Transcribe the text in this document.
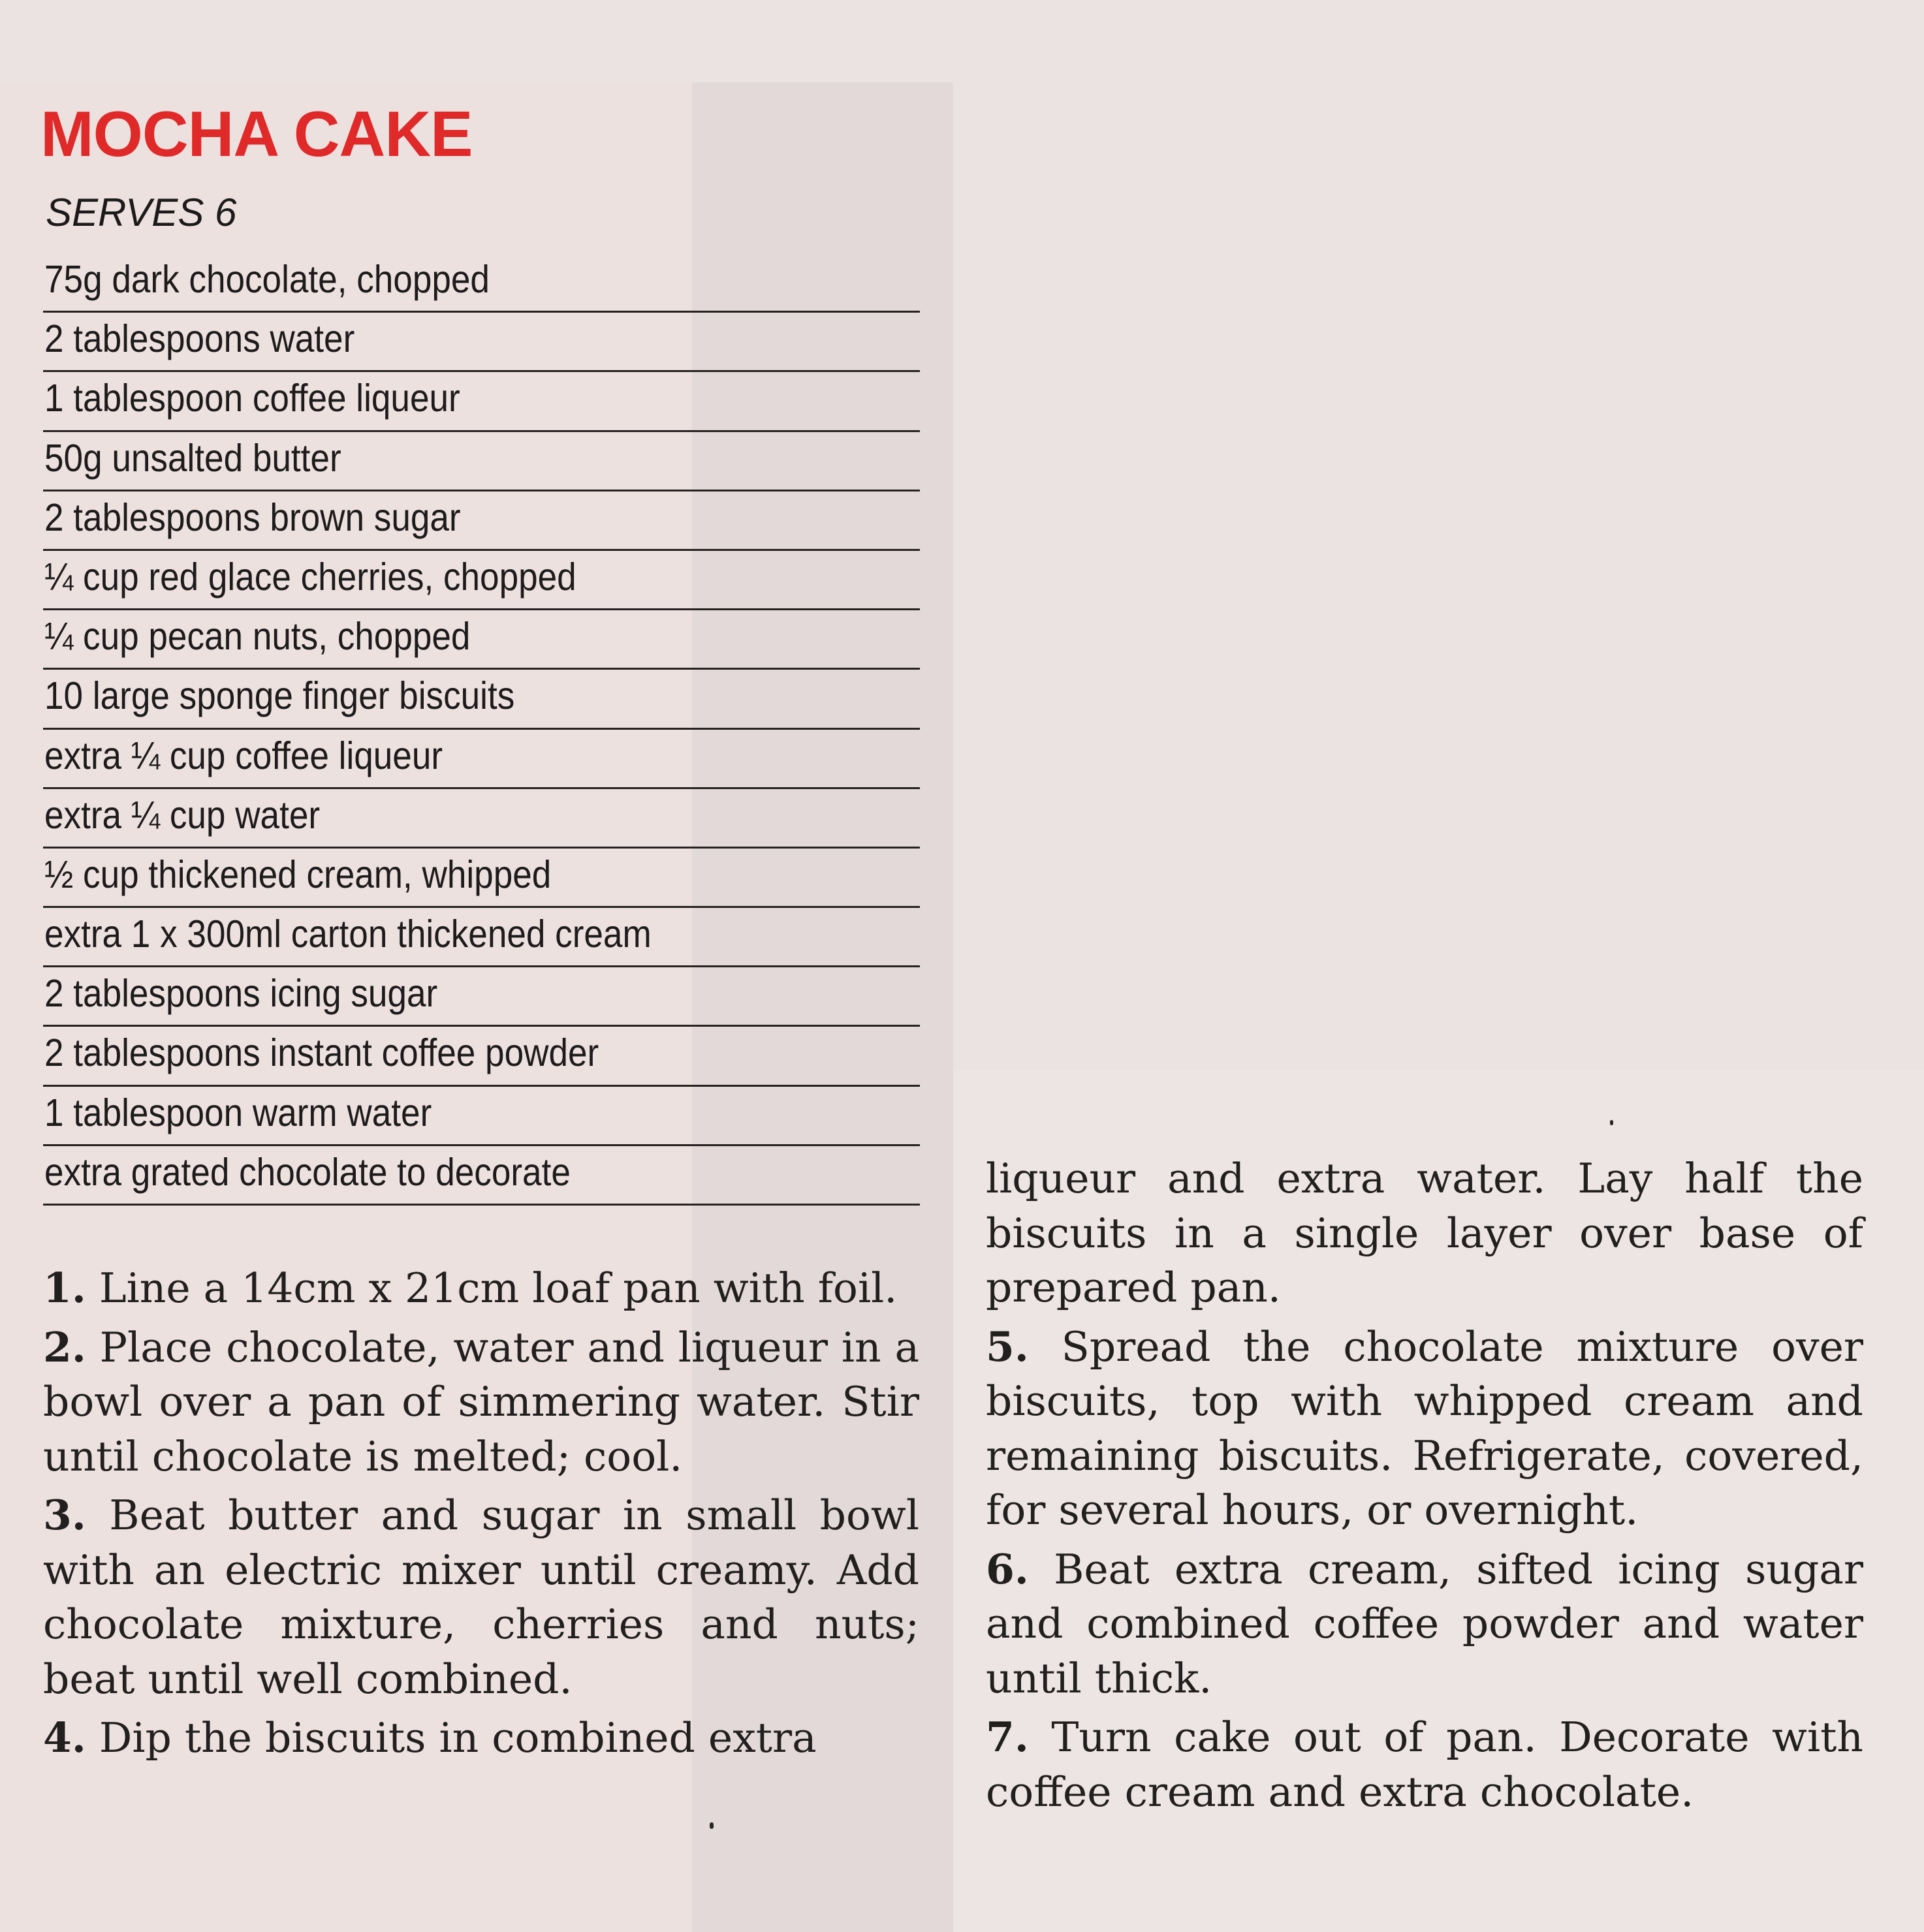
MOCHA CAKE
SERVES 6
75g dark chocolate, chopped
2 tablespoons water
1 tablespoon coffee liqueur
50g unsalted butter
2 tablespoons brown sugar
¼ cup red glace cherries, chopped
¼ cup pecan nuts, chopped
10 large sponge finger biscuits
extra ¼ cup coffee liqueur
extra ¼ cup water
½ cup thickened cream, whipped
extra 1 x 300ml carton thickened cream
2 tablespoons icing sugar
2 tablespoons instant coffee powder
1 tablespoon warm water
extra grated chocolate to decorate

1. Line a 14cm x 21cm loaf pan with foil.

2. Place chocolate, water and liqueur in a bowl over a pan of simmering water. Stir until chocolate is melted; cool.

3. Beat butter and sugar in small bowl with an electric mixer until creamy. Add chocolate mixture, cherries and nuts; beat until well combined.

4. Dip the biscuits in combined extra

liqueur and extra water. Lay half the biscuits in a single layer over base of prepared pan.

5. Spread the chocolate mixture over biscuits, top with whipped cream and remaining biscuits. Refrigerate, covered, for several hours, or overnight.

6. Beat extra cream, sifted icing sugar and combined coffee powder and water until thick.

7. Turn cake out of pan. Decorate with coffee cream and extra chocolate.
